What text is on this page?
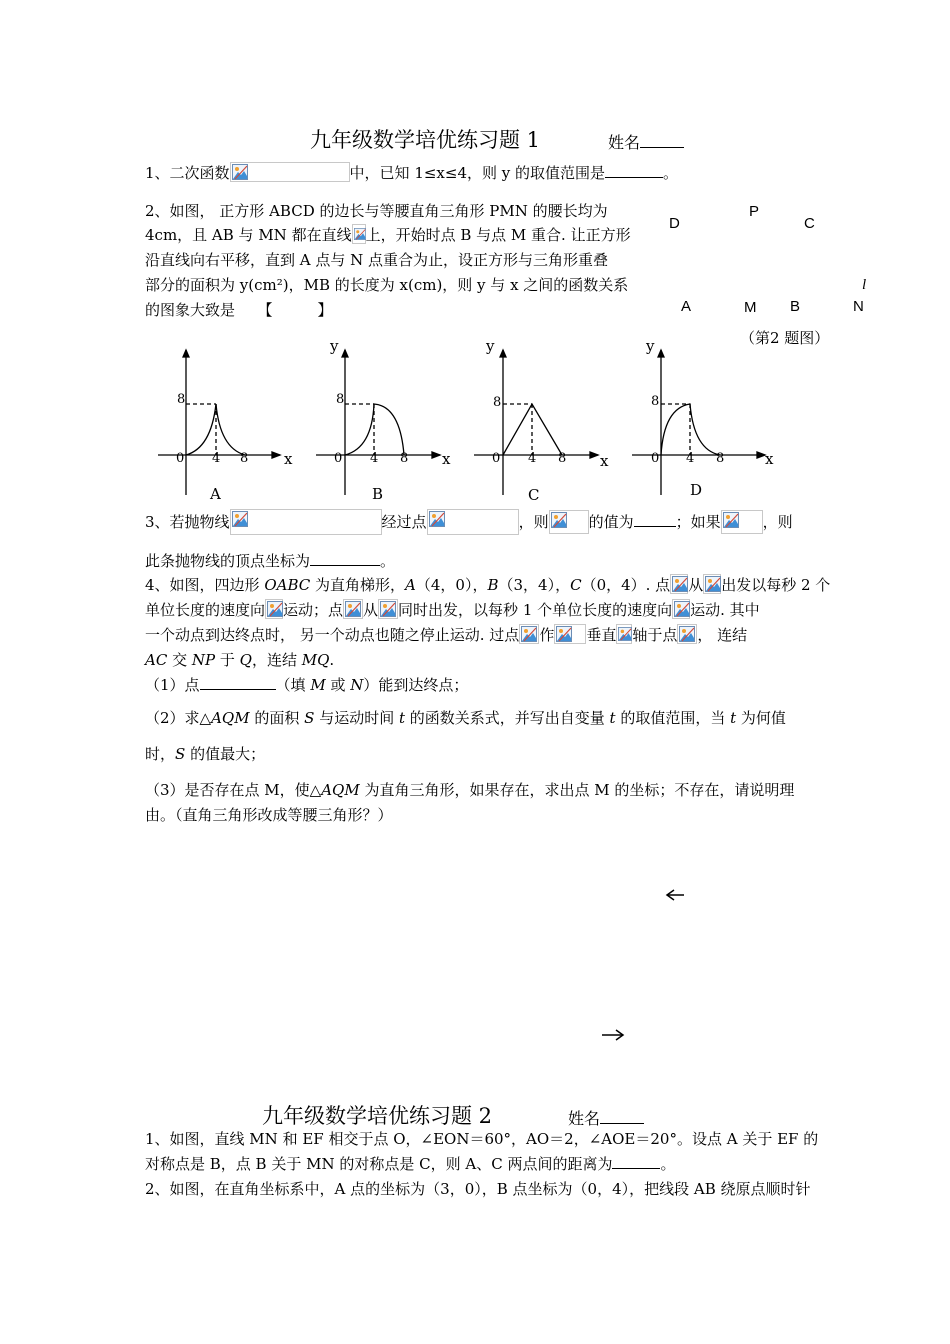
九年级数学培优练习题 1	姓名
1、二次函数	中，已知 1≤x≤4，则 y 的取值范围是	。
2、如图， 正方形 ABCD 的边长与等腰直角三角形 PMN 的腰长均为
4cm，且 AB 与 MN 都在直线 上，开始时点 B 与点 M 重合. 让正方形
沿直线向右平移，直到 A 点与 N 点重合为止，设正方形与三角形重叠
部分的面积为 y(cm²)，MB 的长度为 x(cm)，则 y 与 x 之间的函数关系
的图象大致是　　【　　　】
D
P
C
l
A	M B	N
（第2 题图）
0
8
4 8 x
A
y
0
8
4 8 x
B
y
0
8
4 8 x
C
y
0
8
4 8	x
D
3、若抛物线	经过点	，则	的值为	；如果	，则
此条抛物线的顶点坐标为	。
4、如图，四边形 OABC 为直角梯形，A（4，0），B（3，4），C（0，4）. 点 从 出发以每秒 2 个
单位长度的速度向 运动；点 从 同时出发，以每秒 1 个单位长度的速度向 运动. 其中
一个动点到达终点时， 另一个动点也随之停止运动. 过点 作 垂直 轴于点 ， 连结
AC 交 NP 于 Q，连结 MQ.
（1）点	（填 M 或 N）能到达终点；
（2）求△AQM 的面积 S 与运动时间 t 的函数关系式，并写出自变量 t 的取值范围，当 t 为何值
时，S 的值最大；
（3）是否存在点 M，使△AQM 为直角三角形，如果存在，求出点 M 的坐标；不存在，请说明理
由。（直角三角形改成等腰三角形？）
九年级数学培优练习题 2	姓名
1、如图，直线 MN 和 EF 相交于点 O，∠EON＝60°，AO＝2，∠AOE＝20°。设点 A 关于 EF 的
对称点是 B，点 B 关于 MN 的对称点是 C，则 A、C 两点间的距离为	。
2、如图，在直角坐标系中，A 点的坐标为（3，0），B 点坐标为（0，4），把线段 AB 绕原点顺时针
